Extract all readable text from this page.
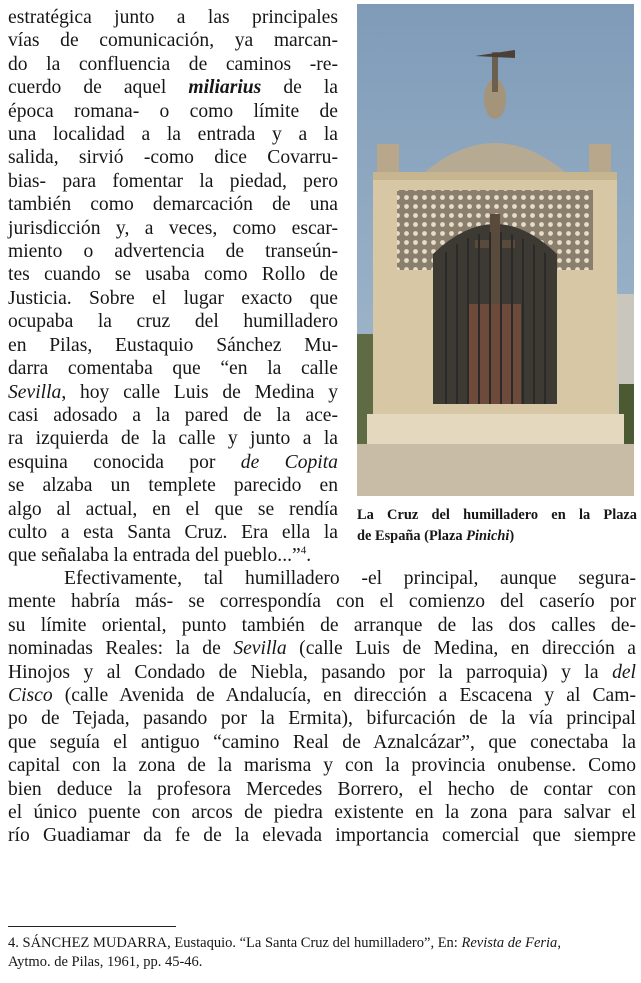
estratégica junto a las principales
vías de comunicación, ya marcan-
do la confluencia de caminos -re-
cuerdo de aquel miliarius de la
época romana- o como límite de
una localidad a la entrada y a la
salida, sirvió -como dice Covarru-
bias- para fomentar la piedad, pero
también como demarcación de una
jurisdicción y, a veces, como escar-
miento o advertencia de transeún-
tes cuando se usaba como Rollo de
Justicia. Sobre el lugar exacto que
ocupaba la cruz del humilladero
en Pilas, Eustaquio Sánchez Mu-
darra comentaba que “en la calle
Sevilla, hoy calle Luis de Medina y
casi adosado a la pared de la ace-
ra izquierda de la calle y junto a la
esquina conocida por de Copita
se alzaba un templete parecido en
algo al actual, en el que se rendía
culto a esta Santa Cruz. Era ella la
que señalaba la entrada del pueblo...”$^4$.
La Cruz del humilladero en la Plaza
de España (Plaza Pinichi)
Efectivamente, tal humilladero -el principal, aunque segura-
mente habría más- se correspondía con el comienzo del caserío por
su límite oriental, punto también de arranque de las dos calles de-
nominadas Reales: la de Sevilla (calle Luis de Medina, en dirección a
Hinojos y al Condado de Niebla, pasando por la parroquia) y la del
Cisco (calle Avenida de Andalucía, en dirección a Escacena y al Cam-
po de Tejada, pasando por la Ermita), bifurcación de la vía principal
que seguía el antiguo “camino Real de Aznalcázar”, que conectaba la
capital con la zona de la marisma y con la provincia onubense. Como
bien deduce la profesora Mercedes Borrero, el hecho de contar con
el único puente con arcos de piedra existente en la zona para salvar el
río Guadiamar da fe de la elevada importancia comercial que siempre
4. SÁNCHEZ MUDARRA, Eustaquio. “La Santa Cruz del humilladero”, En: Revista de Feria,
Aytmo. de Pilas, 1961, pp. 45-46.
